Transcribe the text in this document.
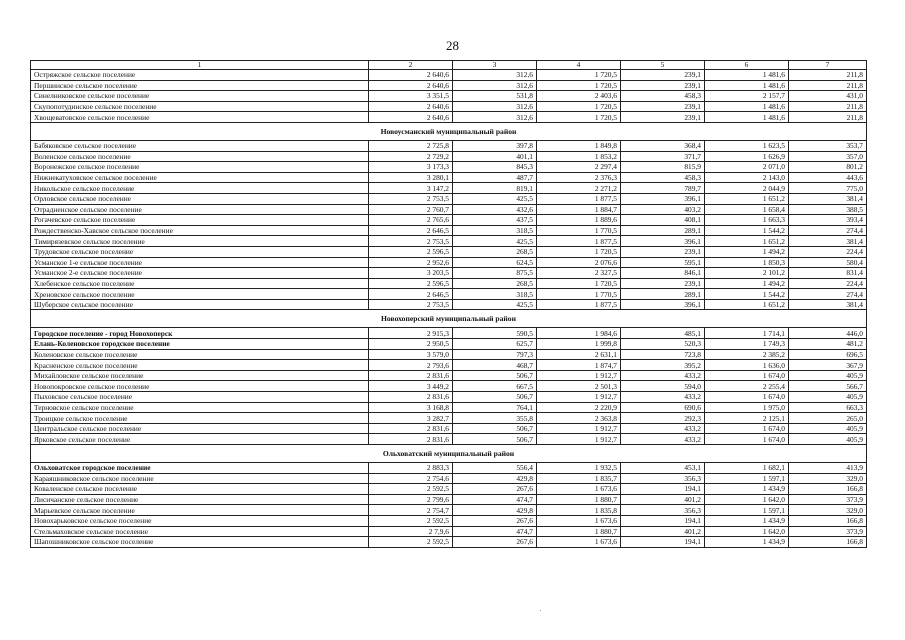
28
1	2	3	4	5	6	7
Остряжское сельское поселение	2 640,6	312,6	1 720,5	239,1	1 481,6	211,8
Першинское сельское поселение	2 640,6	312,6	1 720,5	239,1	1 481,6	211,8
Синелниковское сельское поселение	3 351,5	531,8	2 403,6	458,3	2 157,7	431,0
Скупопотудинское сельское поселение	2 640,6	312,6	1 720,5	239,1	1 481,6	211,8
Хвощеватовское сельское поселение	2 640,6	312,6	1 720,5	239,1	1 481,6	211,8
Новоусманский муниципальный район						
Бабяковское сельское поселение	2 725,8	397,8	1 849,8	368,4	1 623,5	353,7
Воленское сельское поселение	2 729,2	401,1	1 853,2	371,7	1 626,9	357,0
Воронежское сельское поселение	3 173,3	845,3	2 297,4	815,9	2 071,0	801,2
Нижнекатуховское сельское поселение	3 280,1	487,7	2 376,3	458,3	2 143,0	443,6
Никольское сельское поселение	3 147,2	819,1	2 271,2	789,7	2 044,9	775,0
Орловское сельское поселение	2 753,5	425,5	1 877,5	396,1	1 651,2	381,4
Отрадненское сельское поселение	2 760,7	432,6	1 884,7	403,2	1 658,4	388,5
Рогачевское сельское поселение	2 765,6	437,5	1 889,6	408,1	1 663,3	393,4
Рождественско-Хавское сельское поселение	2 646,5	318,5	1 770,5	289,1	1 544,2	274,4
Тимирязевское сельское поселение	2 753,5	425,5	1 877,5	396,1	1 651,2	381,4
Трудовское сельское поселение	2 596,5	268,5	1 720,5	239,1	1 494,2	224,4
Усманское 1-е сельское поселение	2 952,6	624,5	2 076,6	595,1	1 850,3	580,4
Усманское 2-е сельское поселение	3 203,5	875,5	2 327,5	846,1	2 101,2	831,4
Хлебенское сельское поселение	2 596,5	268,5	1 720,5	239,1	1 494,2	224,4
Хреновское сельское поселение	2 646,5	318,5	1 770,5	289,1	1 544,2	274,4
Шуберское сельское поселение	2 753,5	425,5	1 877,5	396,1	1 651,2	381,4
Новохоперский муниципальный район						
Городское поселение - город Новохоперск	2 915,3	590,5	1 984,6	485,1	1 714,1	446,0
Елань-Коленовское городское поселение	2 950,5	625,7	1 999,8	520,3	1 749,3	481,2
Коленовское сельское поселение	3 579,0	797,3	2 631,1	723,8	2 385,2	696,5
Красненское сельское поселение	2 793,6	468,7	1 874,7	395,2	1 636,0	367,9
Михайловское сельское поселение	2 831,6	506,7	1 912,7	433,2	1 674,0	405,9
Новопокровское сельское поселение	3 449,2	667,5	2 501,3	594,0	2 255,4	566,7
Пыховское сельское поселение	2 831,6	506,7	1 912,7	433,2	1 674,0	405,9
Терновское сельское поселение	3 168,8	764,1	2 220,9	690,6	1 975,0	663,3
Троицкое сельское поселение	3 282,7	355,8	2 363,8	292,3	2 125,1	265,0
Центральское сельское поселение	2 831,6	506,7	1 912,7	433,2	1 674,0	405,9
Ярковское сельское поселение	2 831,6	506,7	1 912,7	433,2	1 674,0	405,9
Ольховатский муниципальный район						
Ольховатское городское поселение	2 883,3	556,4	1 932,5	453,1	1 682,1	413,9
Караяшниковское сельское поселение	2 754,6	429,8	1 835,7	356,3	1 597,1	329,0
Коваленское сельское поселение	2 592,5	267,6	1 673,6	194,1	1 434,9	166,8
Лисичанское сельское поселение	2 799,6	474,7	1 880,7	401,2	1 642,0	373,9
Марьевское сельское поселение	2 754,7	429,8	1 835,8	356,3	1 597,1	329,0
Новохарьковское сельское поселение	2 592,5	267,6	1 673,6	194,1	1 434,9	166,8
Стельмаховское сельское поселение	2 7,9,6	474,7	1 880,7	401,2	1 642,0	373,9
Шапошниковское сельское поселение	2 592,5	267,6	1 673,6	194,1	1 434,9	166,8
